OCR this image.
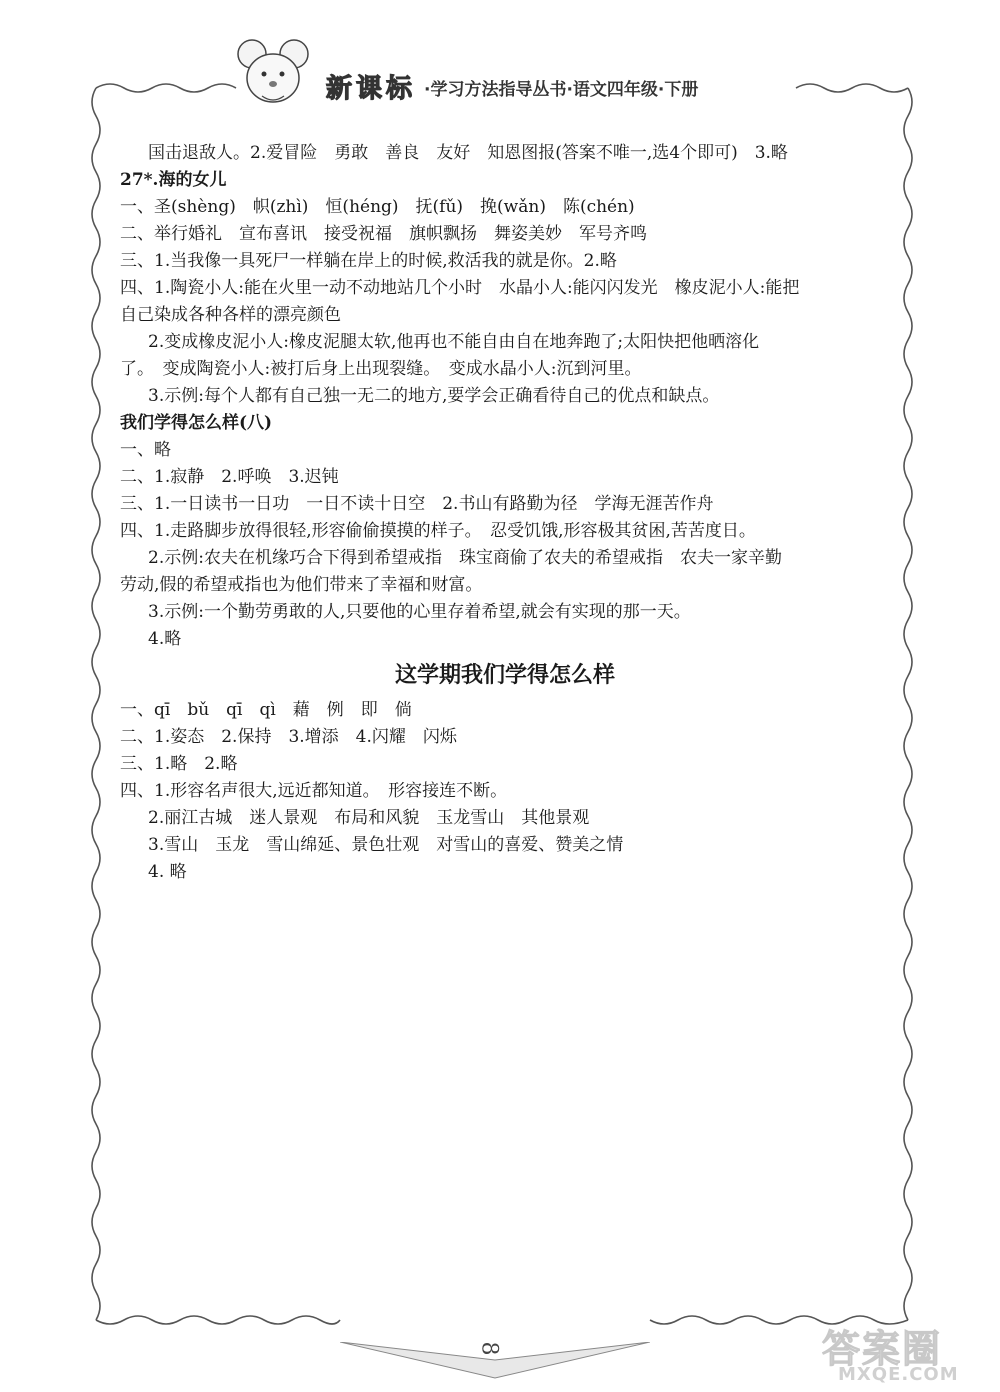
新课标 ·学习方法指导丛书·语文四年级·下册
国击退敌人。2.爱冒险　勇敢　善良　友好　知恩图报(答案不唯一,选4个即可)　3.略
27*.海的女儿
一、圣(shèng)　帜(zhì)　恒(héng)　抚(fǔ)　挽(wǎn)　陈(chén)
二、举行婚礼　宣布喜讯　接受祝福　旗帜飘扬　舞姿美妙　军号齐鸣
三、1.当我像一具死尸一样躺在岸上的时候,救活我的就是你。2.略
四、1.陶瓷小人:能在火里一动不动地站几个小时　水晶小人:能闪闪发光　橡皮泥小人:能把
自己染成各种各样的漂亮颜色
2.变成橡皮泥小人:橡皮泥腿太软,他再也不能自由自在地奔跑了;太阳快把他晒溶化
了。　变成陶瓷小人:被打后身上出现裂缝。　变成水晶小人:沉到河里。
3.示例:每个人都有自己独一无二的地方,要学会正确看待自己的优点和缺点。
我们学得怎么样(八)
一、略
二、1.寂静　2.呼唤　3.迟钝
三、1.一日读书一日功　一日不读十日空　2.书山有路勤为径　学海无涯苦作舟
四、1.走路脚步放得很轻,形容偷偷摸摸的样子。　忍受饥饿,形容极其贫困,苦苦度日。
2.示例:农夫在机缘巧合下得到希望戒指　珠宝商偷了农夫的希望戒指　农夫一家辛勤
劳动,假的希望戒指也为他们带来了幸福和财富。
3.示例:一个勤劳勇敢的人,只要他的心里存着希望,就会有实现的那一天。
4.略
这学期我们学得怎么样
一、qī　bǔ　qī　qì　藉　例　即　倘
二、1.姿态　2.保持　3.增添　4.闪耀　闪烁
三、1.略　2.略
四、1.形容名声很大,远近都知道。　形容接连不断。
2.丽江古城　迷人景观　布局和风貌　玉龙雪山　其他景观
3.雪山　玉龙　雪山绵延、景色壮观　对雪山的喜爱、赞美之情
4. 略
8	答案圈
MXQE.COM
